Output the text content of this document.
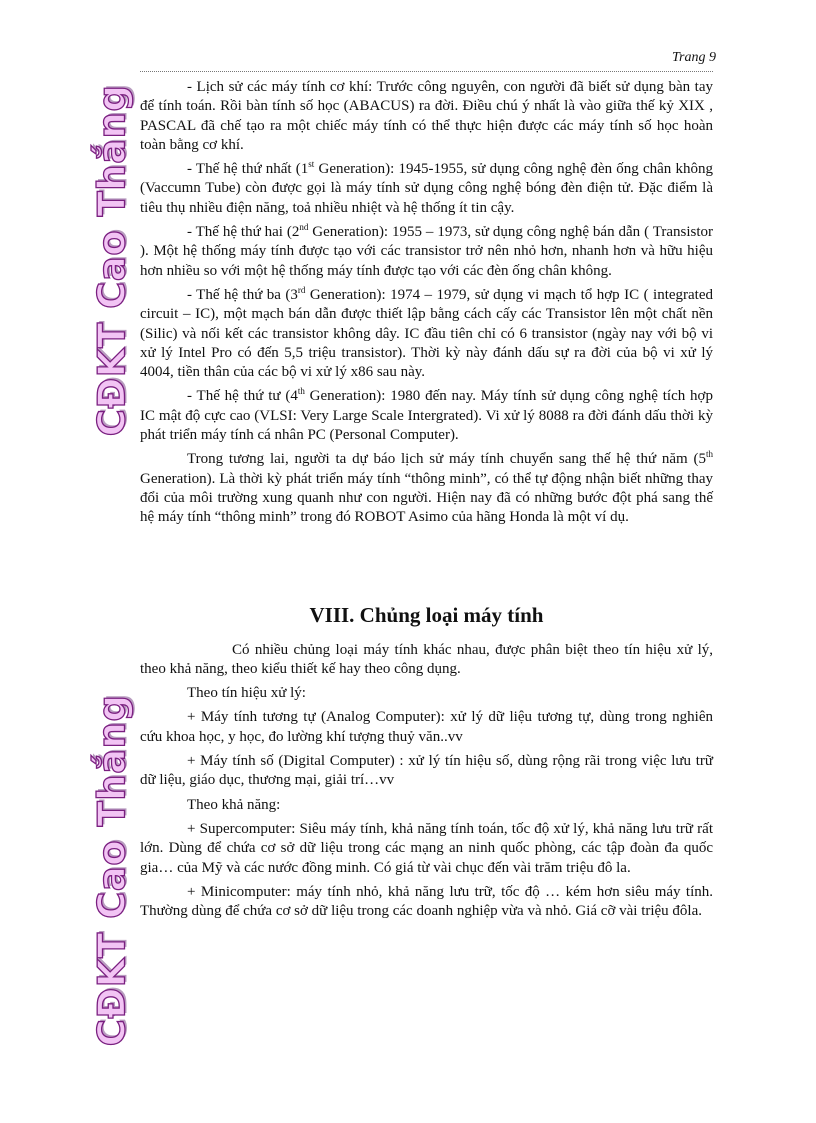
Trang 9
CĐKT Cao Thắng
CĐKT Cao Thắng

- Lịch sử các máy tính cơ khí: Trước công nguyên, con người đã biết sử dụng bàn tay để tính toán. Rồi bàn tính số học (ABACUS) ra đời. Điều chú ý nhất là vào giữa thế kỷ XIX , PASCAL đã chế tạo ra một chiếc máy tính có thể thực hiện được các máy tính số học hoàn toàn bằng cơ khí.

- Thế hệ thứ nhất (1st Generation): 1945-1955, sử dụng công nghệ đèn ống chân không (Vaccumn Tube) còn được gọi là máy tính sử dụng công nghệ bóng đèn điện tử. Đặc điểm là tiêu thụ nhiều điện năng, toả nhiều nhiệt và hệ thống ít tin cậy.

- Thế hệ thứ hai (2nd Generation): 1955 – 1973, sử dụng công nghệ bán dẫn ( Transistor ). Một hệ thống máy tính được tạo với các transistor trở nên nhỏ hơn, nhanh hơn và hữu hiệu hơn nhiều so với một hệ thống máy tính được tạo với các đèn ống chân không.

- Thế hệ thứ ba (3rd Generation): 1974 – 1979, sử dụng vi mạch tổ hợp IC ( integrated circuit – IC), một mạch bán dẫn được thiết lập bằng cách cấy các Transistor lên một chất nền (Silic) và nối kết các transistor không dây. IC đầu tiên chỉ có 6 transistor (ngày nay với bộ vi xử lý Intel Pro có đến 5,5 triệu transistor). Thời kỳ này đánh dấu sự ra đời của bộ vi xử lý 4004, tiền thân của các bộ vi xử lý x86 sau này.

- Thế hệ thứ tư (4th Generation): 1980 đến nay. Máy tính sử dụng công nghệ tích hợp IC mật độ cực cao (VLSI: Very Large Scale Intergrated). Vi xử lý 8088 ra đời đánh dấu thời kỳ phát triển máy tính cá nhân PC (Personal Computer).

Trong tương lai, người ta dự báo lịch sử máy tính chuyển sang thế hệ thứ năm (5th Generation). Là thời kỳ phát triển máy tính “thông minh”, có thể tự động nhận biết những thay đổi của môi trường xung quanh như con người. Hiện nay đã có những bước đột phá sang thế hệ máy tính “thông minh” trong đó ROBOT Asimo của hãng Honda là một ví dụ.

VIII. Chủng loại máy tính

Có nhiều chủng loại máy tính khác nhau, được phân biệt theo tín hiệu xử lý, theo khả năng, theo kiểu thiết kế hay theo công dụng.

Theo tín hiệu xử lý:

+ Máy tính tương tự (Analog Computer): xử lý dữ liệu tương tự, dùng trong nghiên cứu khoa học, y học, đo lường khí tượng thuỷ văn..vv

+ Máy tính số (Digital Computer) : xử lý tín hiệu số, dùng rộng rãi trong việc lưu trữ dữ liệu, giáo dục, thương mại, giải trí…vv

Theo khả năng:

+ Supercomputer: Siêu máy tính, khả năng tính toán, tốc độ xử lý, khả năng lưu trữ rất lớn. Dùng để chứa cơ sở dữ liệu trong các mạng an ninh quốc phòng, các tập đoàn đa quốc gia… của Mỹ và các nước đồng minh. Có giá từ vài chục đến vài trăm triệu đô la.

+ Minicomputer: máy tính nhỏ, khả năng lưu trữ, tốc độ … kém hơn siêu máy tính. Thường dùng để chứa cơ sở dữ liệu trong các doanh nghiệp vừa và nhỏ. Giá cỡ vài triệu đôla.
